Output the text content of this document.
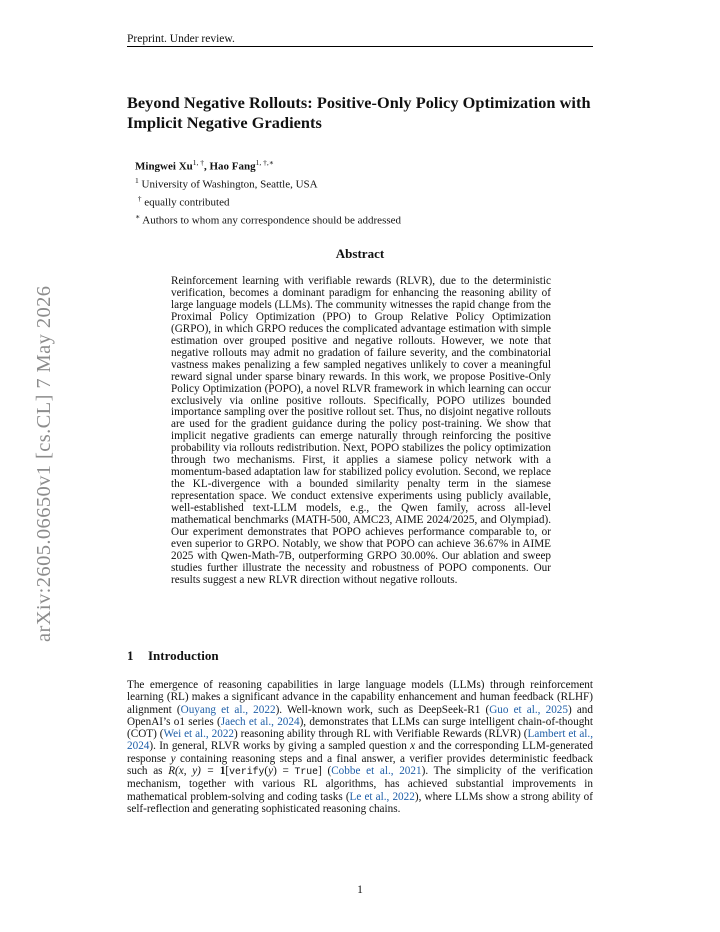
Preprint. Under review.
Beyond Negative Rollouts: Positive-Only Policy Optimization with Implicit Negative Gradients
Mingwei $Xu^{1, \dagger}$, Hao Fang$^{1, \dagger,∗}$
$^1$ University of Washington, Seattle, USA
† equally contributed
∗ Authors to whom any correspondence should be addressed
Abstract

Reinforcement learning with verifiable rewards (RLVR), due to the deterministic verification, becomes a dominant paradigm for enhancing the reasoning ability of large language models (LLMs). The community witnesses the rapid change from the Proximal Policy Optimization (PPO) to Group Relative Policy Optimization (GRPO), in which GRPO reduces the complicated advantage estimation with simple estimation over grouped positive and negative rollouts. However, we note that negative rollouts may admit no gradation of failure severity, and the combinatorial vastness makes penalizing a few sampled negatives unlikely to cover a meaningful reward signal under sparse binary rewards. In this work, we propose Positive-Only Policy Optimization (POPO), a novel RLVR framework in which learning can occur exclusively via online positive rollouts. Specifically, POPO utilizes bounded importance sampling over the positive rollout set. Thus, no disjoint negative rollouts are used for the gradient guidance during the policy post-training. We show that implicit negative gradients can emerge naturally through reinforcing the positive probability via rollouts redistribution. Next, POPO stabilizes the policy optimization through two mechanisms. First, it applies a siamese policy network with a momentum-based adaptation law for stabilized policy evolution. Second, we replace the KL-divergence with a bounded similarity penalty term in the siamese representation space. We conduct extensive experiments using publicly available, well-established text-LLM models, e.g., the Qwen family, across all-level mathematical benchmarks (MATH-500, AMC23, AIME 2024/2025, and Olympiad). Our experiment demonstrates that POPO achieves performance comparable to, or even superior to GRPO. Notably, we show that POPO can achieve 36.67% in AIME 2025 with Qwen-Math-7B, outperforming GRPO 30.00%. Our ablation and sweep studies further illustrate the necessity and robustness of POPO components. Our results suggest a new RLVR direction without negative rollouts.

arXiv:2605.06650v1 [cs.CL] 7 May 2026
1 Introduction

The emergence of reasoning capabilities in large language models (LLMs) through reinforcement learning (RL) makes a significant advance in the capability enhancement and human feedback (RLHF) alignment (Ouyang et al., 2022). Well-known work, such as DeepSeek-R1 (Guo et al., 2025) and OpenAI’s o1 series (Jaech et al., 2024), demonstrates that LLMs can surge intelligent chain-of-thought (COT) (Wei et al., 2022) reasoning ability through RL with Verifiable Rewards (RLVR) (Lambert et al., 2024). In general, RLVR works by giving a sampled question x and the corresponding LLM-generated response y containing reasoning steps and a final answer, a verifier provides deterministic feedback such as R(x, y) = 1[verify(y) = True] (Cobbe et al., 2021). The simplicity of the verification mechanism, together with various RL algorithms, has achieved substantial improvements in mathematical problem-solving and coding tasks (Le et al., 2022), where LLMs show a strong ability of self-reflection and generating sophisticated reasoning chains.

1
